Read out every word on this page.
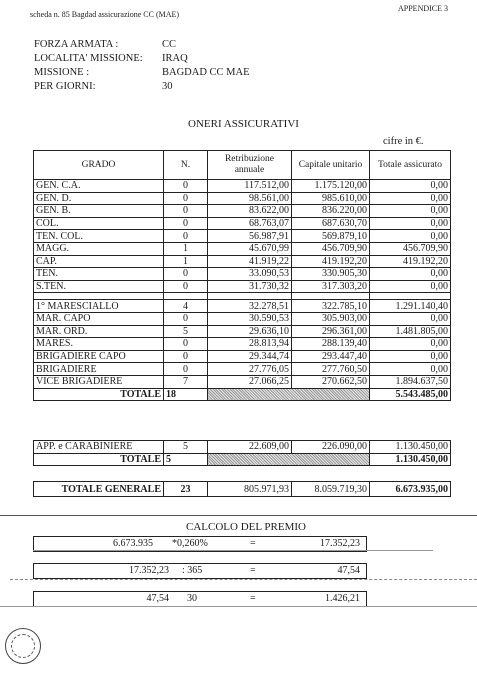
scheda n. 85 Bagdad assicurazione CC (MAE)
APPENDICE 3
FORZA ARMATA :	CC
LOCALITA' MISSIONE: IRAQ
MISSIONE :	BAGDAD CC MAE
PER GIORNI:	30
ONERI ASSICURATIVI
cifre in €.
GRADO	N.	Retribuzione annuale	Capitale unitario	Totale assicurato
GEN. C.A.	0	117.512,00	1.175.120,00	0,00
GEN. D.	0	98.561,00	985.610,00	0,00
GEN. B.	0	83.622,00	836.220,00	0,00
COL.	0	68.763,07	687.630,70	0,00
TEN. COL.	0	56.987,91	569.879,10	0,00
MAGG.	1	45.670,99	456.709,90	456.709,90
CAP.	1	41.919,22	419.192,20	419.192,20
TEN.	0	33.090,53	330.905,30	0,00
S.TEN.	0	31.730,32	317.303,20	0,00

1° MARESCIALLO	4	32.278,51	322.785,10	1.291.140,40
MAR. CAPO	0	30.590,53	305.903,00	0,00
MAR. ORD.	5	29.636,10	296.361,00	1.481.805,00
MARES.	0	28.813,94	288.139,40	0,00
BRIGADIERE CAPO	0	29.344,74	293.447,40	0,00
BRIGADIERE	0	27.776,05	277.760,50	0,00
VICE BRIGADIERE	7	27.066,25	270.662,50	1.894.637,50
TOTALE	18			5.543.485,00
APP. e CARABINIERE	5	22.609,00	226.090,00	1.130.450,00
TOTALE	5			1.130.450,00
TOTALE GENERALE	23	805.971,93	8.059.719,30	6.673.935,00
CALCOLO DEL PREMIO
6.673.935 *0,260%	=	17.352,23
17.352,23 : 365	=	47,54
47,54 30	=	1.426,21
